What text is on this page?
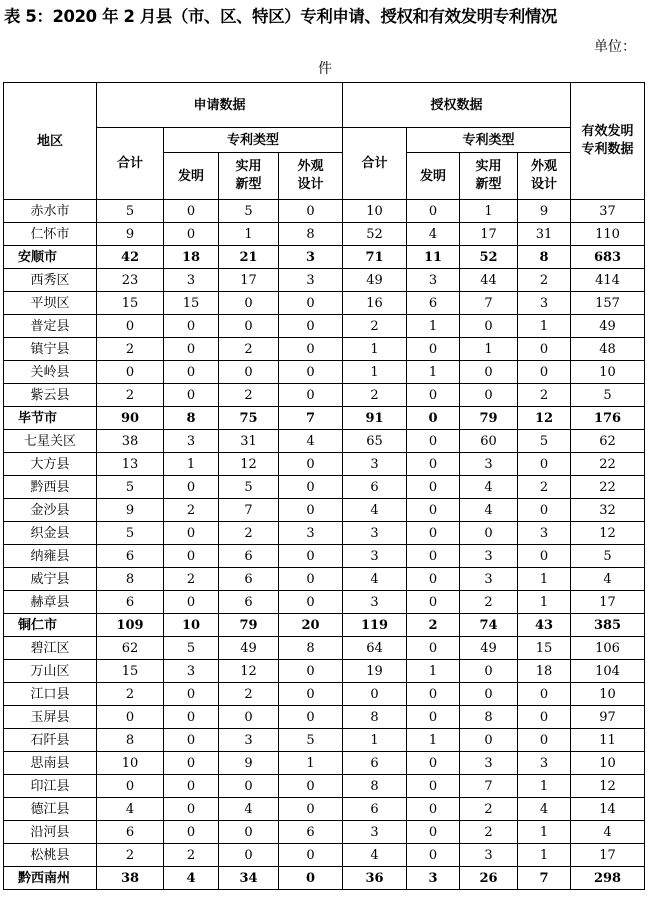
表 5：2020 年 2 月县（市、区、特区）专利申请、授权和有效发明专利情况
单位：
件
地区	申请数据				授权数据				有效发明专利数据
	合计	专利类型			合计	专利类型			
		发明	实用新型	外观设计		发明	实用新型	外观设计	
赤水市	5	0	5	0	10	0	1	9	37
仁怀市	9	0	1	8	52	4	17	31	110
安顺市	42	18	21	3	71	11	52	8	683
西秀区	23	3	17	3	49	3	44	2	414
平坝区	15	15	0	0	16	6	7	3	157
普定县	0	0	0	0	2	1	0	1	49
镇宁县	2	0	2	0	1	0	1	0	48
关岭县	0	0	0	0	1	1	0	0	10
紫云县	2	0	2	0	2	0	0	2	5
毕节市	90	8	75	7	91	0	79	12	176
七星关区	38	3	31	4	65	0	60	5	62
大方县	13	1	12	0	3	0	3	0	22
黔西县	5	0	5	0	6	0	4	2	22
金沙县	9	2	7	0	4	0	4	0	32
织金县	5	0	2	3	3	0	0	3	12
纳雍县	6	0	6	0	3	0	3	0	5
威宁县	8	2	6	0	4	0	3	1	4
赫章县	6	0	6	0	3	0	2	1	17
铜仁市	109	10	79	20	119	2	74	43	385
碧江区	62	5	49	8	64	0	49	15	106
万山区	15	3	12	0	19	1	0	18	104
江口县	2	0	2	0	0	0	0	0	10
玉屏县	0	0	0	0	8	0	8	0	97
石阡县	8	0	3	5	1	1	0	0	11
思南县	10	0	9	1	6	0	3	3	10
印江县	0	0	0	0	8	0	7	1	12
德江县	4	0	4	0	6	0	2	4	14
沿河县	6	0	0	6	3	0	2	1	4
松桃县	2	2	0	0	4	0	3	1	17
黔西南州	38	4	34	0	36	3	26	7	298
